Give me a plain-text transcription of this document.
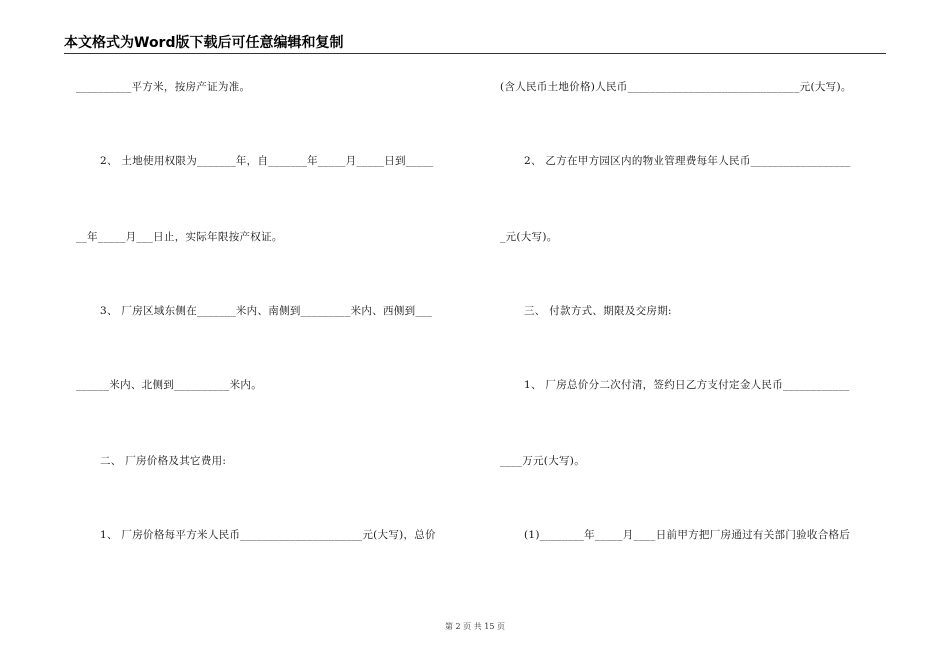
本文格式为Word版下载后可任意编辑和复制
__________平方米，按房产证为准。
2、 土地使用权限为_______年，自_______年_____月_____日到_____
__年_____月___日止，实际年限按产权证。
3、 厂房区域东侧在_______米内、南侧到_________米内、西侧到___
______米内、北侧到__________米内。
二、 厂房价格及其它费用:
1、 厂房价格每平方米人民币______________________元(大写)，总价
(含人民币土地价格)人民币_______________________________元(大写)。
2、 乙方在甲方园区内的物业管理费每年人民币__________________
_元(大写)。
三、 付款方式、期限及交房期:
1、 厂房总价分二次付清，签约日乙方支付定金人民币____________
____万元(大写)。
(1)________年_____月____日前甲方把厂房通过有关部门验收合格后
第 2 页 共 15 页
